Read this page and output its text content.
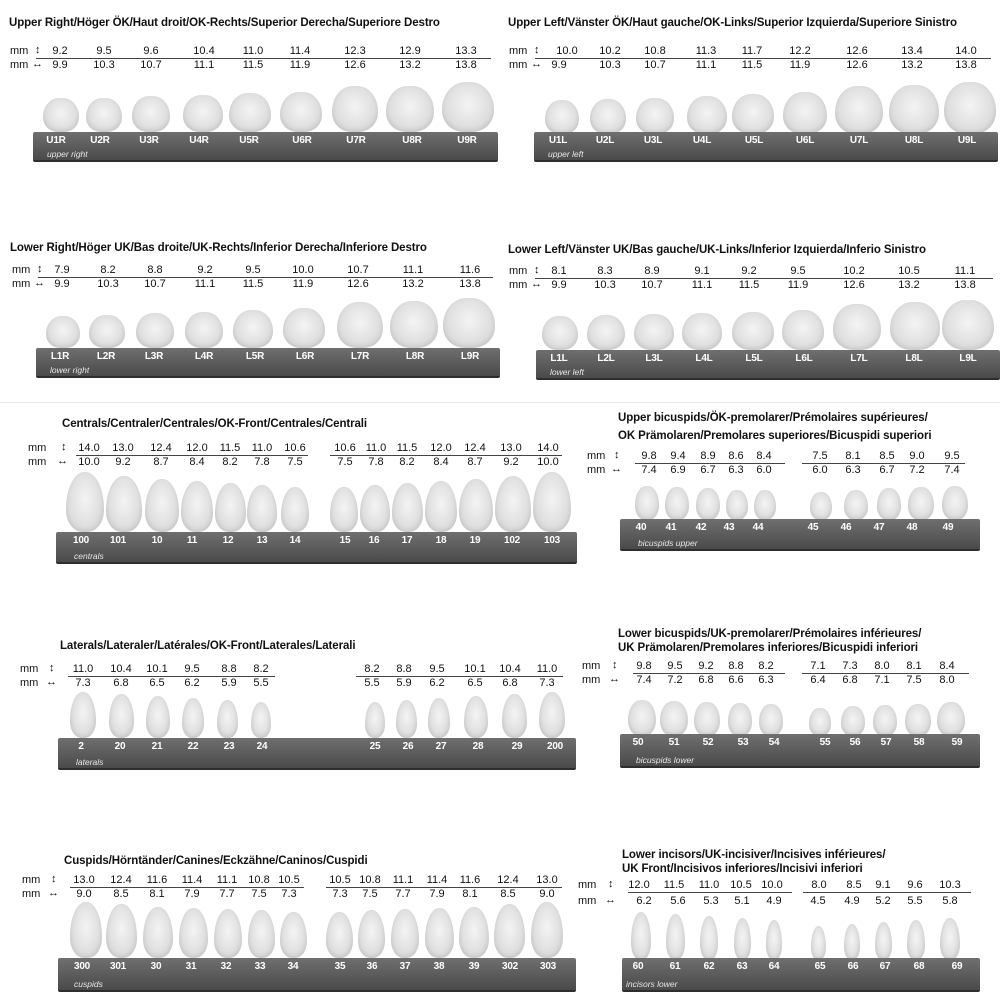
Upper Right/Höger ÖK/Haut droit/OK-Rechts/Superior Derecha/Superiore Destro
mm ↕ 9.2	9.5	9.6	10.4	11.0 11.4	12.3	12.9	13.3
mm ↔ 9.9 10.3 10.7	11.1	11.5 11.9	12.6	13.2	13.8
U1R U2R	U3R	U4R	U5R	U6R	U7R	U8R	U9R
upper right
Upper Left/Vänster ÖK/Haut gauche/OK-Links/Superior Izquierda/Superiore Sinistro
mm ↕ 10.0 10.2 10.8	11.3 11.7 12.2	12.6	13.4	14.0
mm ↔ 9.9	10.3 10.7	11.1 11.5 11.9	12.6	13.2	13.8
U1L	U2L	U3L	U4L	U5L	U6L	U7L	U8L	U9L
upper left
Lower Right/Höger UK/Bas droite/UK-Rechts/Inferior Derecha/Inferiore Destro
mm ↕ 7.9	8.2	8.8	9.2	9.5	10.0	10.7	11.1	11.6
mm ↔ 9.9	10.3 10.7	11.1 11.5	11.9	12.6	13.2	13.8
L1R	L2R	L3R	L4R	L5R	L6R	L7R	L8R	L9R
lower right
Lower Left/Vänster UK/Bas gauche/UK-Links/Inferior Izquierda/Inferio Sinistro
mm ↕ 8.1	8.3	8.9	9.1	9.2	9.5	10.2	10.5	11.1
mm ↔ 9.9	10.3 10.7	11.1 11.5	11.9	12.6	13.2	13.8
L1L	L2L	L3L	L4L	L5L	L6L	L7L	L8L	L9L
lower left
Centrals/Centraler/Centrales/OK-Front/Centrales/Centrali
mm ↕ 14.0 13.0 12.4 12.0 11.5 11.0 10.6	10.6 11.0 11.5 12.0 12.4 13.0 14.0
mm ↔ 10.0 9.2 8.7 8.4 8.2 7.8 7.5	7.5 7.8 8.2 8.4 8.7 9.2 10.0
100 101	10 11	12 13 14	15 16 17 18 19 102 103
centrals
Upper bicuspids/ÖK-premolarer/Prémolaires supérieures/
OK Prämolaren/Premolares superiores/Bicuspidi superiori
mm ↕ 9.8 9.4 8.9 8.6 8.4	7.5 8.1 8.5 9.0 9.5
mm ↔ 7.4 6.9 6.7 6.3 6.0	6.0 6.3 6.7 7.2 7.4
40 41 42 43 44	45 46 47 48	49
bicuspids upper
Laterals/Lateraler/Latérales/OK-Front/Laterales/Laterali
mm ↕ 11.0 10.4 10.1 9.5 8.8 8.2	8.2 8.8 9.5 10.1 10.4 11.0
mm ↔ 7.3 6.8 6.5 6.2 5.9 5.5	5.5 5.9 6.2 6.5 6.8 7.3
2	20	21	22	23 24	25 26 27	28	29 200
laterals
Lower bicuspids/UK-premolarer/Prémolaires inférieures/
UK Prämolaren/Premolares inferiores/Bicuspidi inferiori
mm ↕ 9.8 9.5 9.2 8.8 8.2	7.1 7.3 8.0 8.1 8.4
mm ↔ 7.4 7.2 6.8 6.6 6.3	6.4 6.8 7.1 7.5 8.0
50	51 52 53 54	55 56 57 58	59
bicuspids lower
Cuspids/Hörntänder/Canines/Eckzähne/Caninos/Cuspidi
mm ↕ 13.0 12.4 11.6 11.4 11.1 10.8 10.5	10.5 10.8 11.1 11.4 11.6 12.4 13.0
mm ↔ 9.0 8.5 8.1 7.9 7.7 7.5 7.3	7.3 7.5 7.7 7.9 8.1 8.5 9.0
300 301 30 31 32 33 34	35 36 37 38 39 302 303
cuspids
Lower incisors/UK-incisiver/Incisives inférieures/
UK Front/Incisivos inferiores/Incisivi inferiori
mm ↕ 12.0 11.5 11.0 10.5 10.0	8.0 8.5 9.1 9.6 10.3
mm ↔ 6.2 5.6 5.3 5.1 4.9	4.5 4.9 5.2 5.5 5.8
60	61 62 63 64	65 66 67 68	69
incisors lower
